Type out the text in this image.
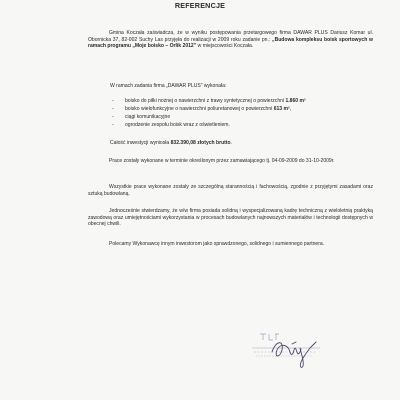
REFERENCJE

Gmina Koczała zaświadcza, że w wyniku postępowania przetargowego firma DAWAR PLUS Dariusz Komar ul. Obornicka 37, 82-002 Suchy Las przyjęła do realizacji w 2009 roku zadanie pn.: „Budowa kompleksu boisk sportowych w ramach programu „Moje boisko – Orlik 2012” w miejscowości Koczała.

W ramach zadania firma „DAWAR PLUS” wykonała:

- boisko do piłki nożnej o nawierzchni z trawy syntetycznej o powierzchni 1.860 m²
- boisko wielofunkcyjne o nawierzchni poliuretanowej o powierzchni 613 m²,
- ciągi komunikacyjne
- ogrodzenie zespołu boisk wraz z oświetleniem.

Całość inwestycji wyniosła 832.390,08 złotych brutto.

Prace zostały wykonane w terminie określonym przez zamawiającego tj. 04-09-2009 do 31-10-2009r.

Wszystkie prace wykonane zostały ze szczególną starannością i fachowością, zgodnie z przyjętymi zasadami oraz sztuką budowlaną.

Jednocześnie stwierdzamy, że w/w firma posiada solidną i wyspecjalizowaną kadrę techniczną z wieloletnią praktyką zawodową oraz umiejętnościami wykorzystania w procesach budowlanych najnowszych materiałów i technologii dostępnych w obecnej chwili.

Polecamy Wykonawcę innym inwestorom jako sprawdzonego, solidnego i sumiennego partnera.
